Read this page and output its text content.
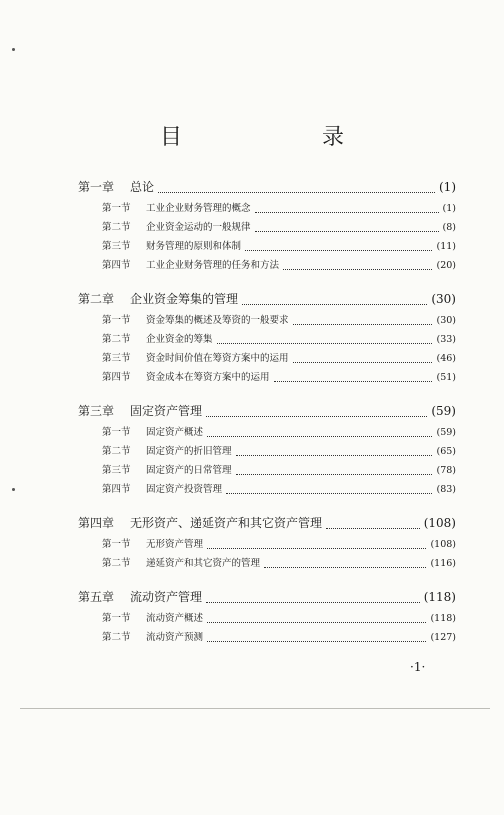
目　　录
第一章	总论	(1)
第一节	工业企业财务管理的概念	(1)
第二节	企业资金运动的一般规律	(8)
第三节	财务管理的原则和体制	(11)
第四节	工业企业财务管理的任务和方法	(20)
第二章	企业资金筹集的管理	(30)
第一节	资金筹集的概述及筹资的一般要求	(30)
第二节	企业资金的筹集	(33)
第三节	资金时间价值在筹资方案中的运用	(46)
第四节	资金成本在筹资方案中的运用	(51)
第三章	固定资产管理	(59)
第一节	固定资产概述	(59)
第二节	固定资产的折旧管理	(65)
第三节	固定资产的日常管理	(78)
第四节	固定资产投资管理	(83)
第四章	无形资产、递延资产和其它资产管理	(108)
第一节	无形资产管理	(108)
第二节	递延资产和其它资产的管理	(116)
第五章	流动资产管理	(118)
第一节	流动资产概述	(118)
第二节	流动资产预测	(127)
·1·
